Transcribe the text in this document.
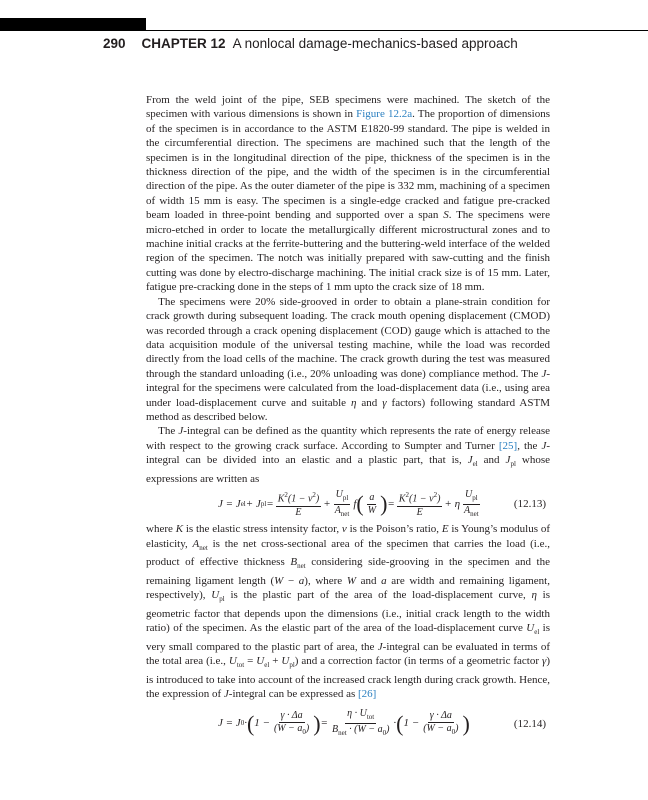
290 CHAPTER 12 A nonlocal damage-mechanics-based approach

From the weld joint of the pipe, SEB specimens were machined. The sketch of the specimen with various dimensions is shown in Figure 12.2a. The proportion of dimensions of the specimen is in accordance to the ASTM E1820-99 standard. The pipe is welded in the circumferential direction. The specimens are machined such that the length of the specimen is in the longitudinal direction of the pipe, thickness of the specimen is in the thickness direction of the pipe, and the width of the specimen is in the circumferential direction of the pipe. As the outer diameter of the pipe is 332 mm, machining of a specimen of width 15 mm is easy. The specimen is a single-edge cracked and fatigue pre-cracked beam loaded in three-point bending and supported over a span S. The specimens were micro-etched in order to locate the metallurgically different microstructural zones and to machine initial cracks at the ferrite-buttering and the buttering-weld interface of the welded region of the specimen. The notch was initially prepared with saw-cutting and the finish cutting was done by electro-discharge machining. The initial crack size is of 15 mm. Later, fatigue pre-cracking done in the steps of 1 mm upto the crack size of 18 mm.

The specimens were 20% side-grooved in order to obtain a plane-strain condition for crack growth during subsequent loading. The crack mouth opening displacement (CMOD) was recorded through a crack opening displacement (COD) gauge which is attached to the data acquisition module of the universal testing machine, while the load was recorded directly from the load cells of the machine. The crack growth during the test was measured through the standard unloading (i.e., 20% unloading was done) compliance method. The J-integral for the specimens were calculated from the load-displacement data (i.e., using area under load-displacement curve and suitable η and γ factors) following standard ASTM method as described below.

The J-integral can be defined as the quantity which represents the rate of energy release with respect to the growing crack surface. According to Sumpter and Turner [25], the J-integral can be divided into an elastic and a plastic part, that is, $J_{el}$ and $J_{pl}$ whose expressions are written as

J = J el + J pl = $K^2(1 - \nu^2)$
E
+
$U_{pl}$
$A_{net}$
f ( a
W ) = $K^2(1 - \nu^2)$
E
+ η
$U_{pl}$
$A_{net}$
(12.13)

where K is the elastic stress intensity factor, ν is the Poison’s ratio, E is Young’s modulus of elasticity, $A_{net}$ is the net cross-sectional area of the specimen that carries the load (i.e., product of effective thickness $B_{net}$ considering side-grooving in the specimen and the remaining ligament length (W − a), where W and a are width and remaining ligament, respectively), $U_{pl}$ is the plastic part of the area of the load-displacement curve, η is geometric factor that depends upon the dimensions (i.e., initial crack length to the width ratio) of the specimen. As the elastic part of the area of the load-displacement curve $U_{el}$ is very small compared to the plastic part of area, the J-integral can be evaluated in terms of the total area (i.e., $U_{tot} = U_{el} + U_{pl}$) and a correction factor (in terms of a geometric factor γ) is introduced to take into account of the increased crack length during crack growth. Hence, the expression of J-integral can be expressed as [26]

J = J 0 · ( 1 −
γ · Δa
$(W - a_0)$ ) =
$\eta \cdot U_{tot}$
$B_{net} \cdot (W - a_0)$
· ( 1 −
γ · Δa
$(W - a_0)$ )	(12.14)
